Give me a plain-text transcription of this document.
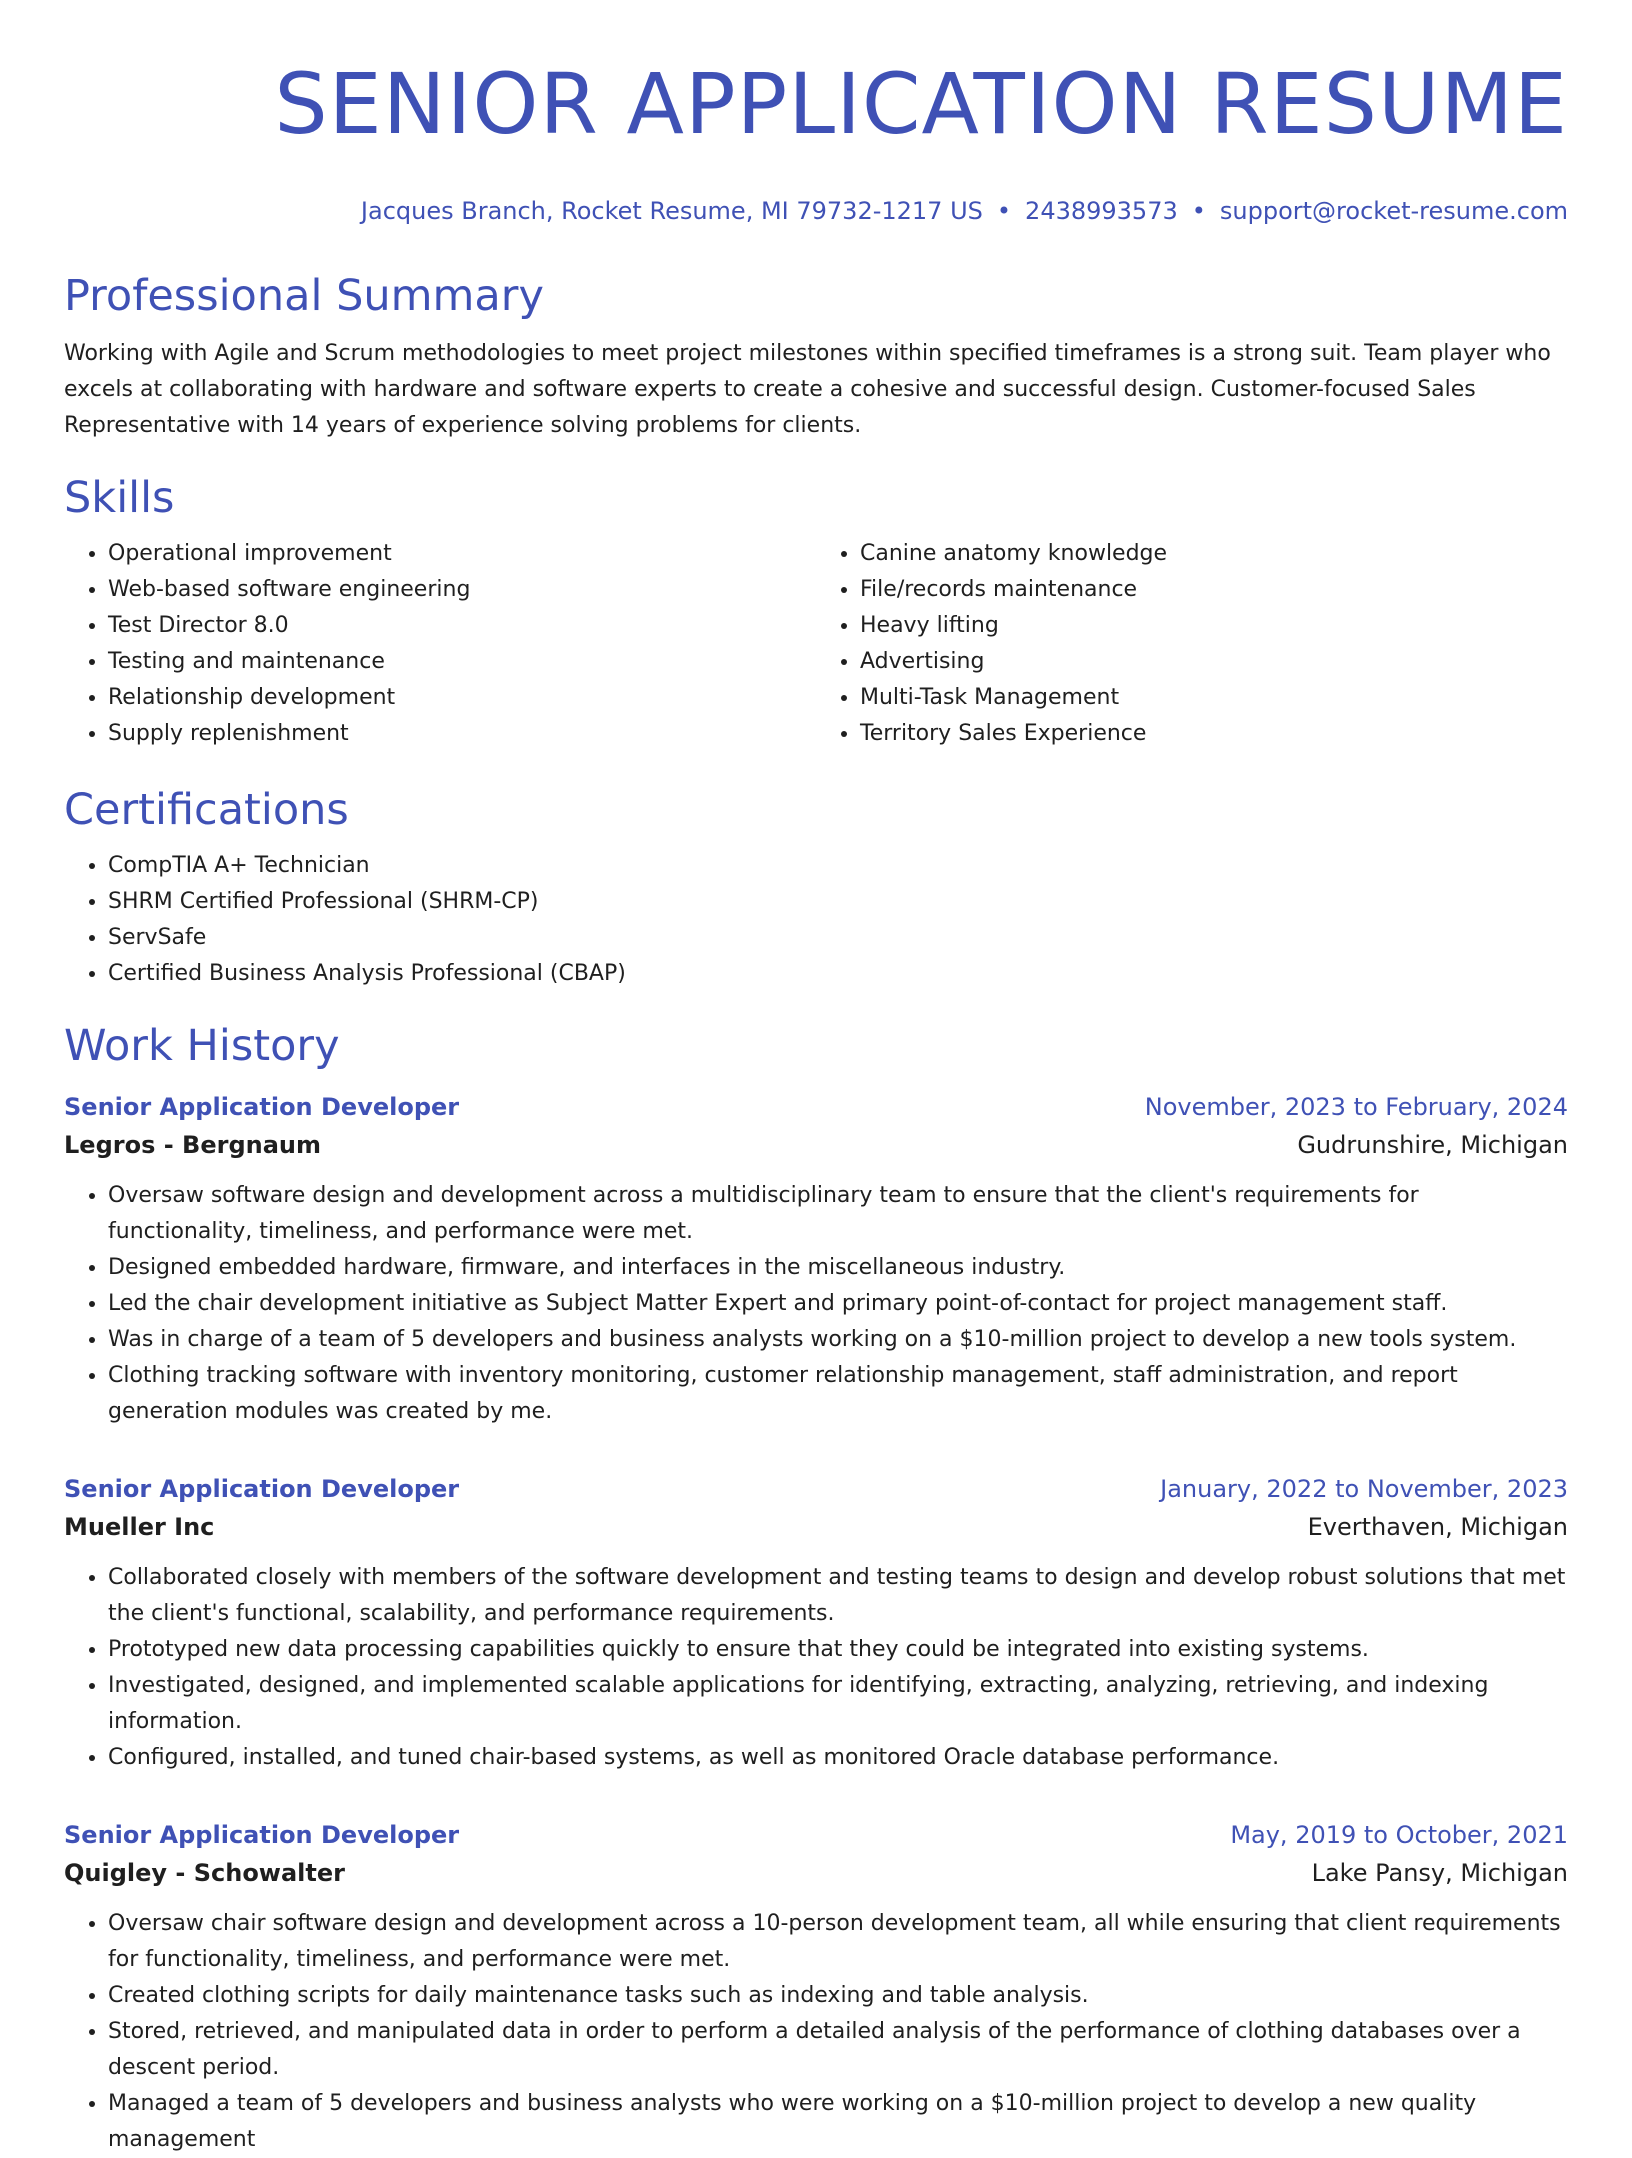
SENIOR APPLICATION RESUME
Jacques Branch, Rocket Resume, MI 79732-1217 US • 2438993573 • support@rocket-resume.com
Professional Summary

Working with Agile and Scrum methodologies to meet project milestones within specified timeframes is a strong suit. Team player who excels at collaborating with hardware and software experts to create a cohesive and successful design. Customer-focused Sales Representative with 14 years of experience solving problems for clients.

Skills
• Operational improvement
• Web-based software engineering
• Test Director 8.0
• Testing and maintenance
• Relationship development
• Supply replenishment
• Canine anatomy knowledge
• File/records maintenance
• Heavy lifting
• Advertising
• Multi-Task Management
• Territory Sales Experience
Certifications
• CompTIA A+ Technician
• SHRM Certified Professional (SHRM-CP)
• ServSafe
• Certified Business Analysis Professional (CBAP)
Work History
Senior Application Developer	November, 2023 to February, 2024
Legros - Bergnaum	Gudrunshire, Michigan
• Oversaw software design and development across a multidisciplinary team to ensure that the client's requirements for functionality, timeliness, and performance were met.
• Designed embedded hardware, firmware, and interfaces in the miscellaneous industry.
• Led the chair development initiative as Subject Matter Expert and primary point-of-contact for project management staff.
• Was in charge of a team of 5 developers and business analysts working on a $10-million project to develop a new tools system.
• Clothing tracking software with inventory monitoring, customer relationship management, staff administration, and report generation modules was created by me.
Senior Application Developer	January, 2022 to November, 2023
Mueller Inc	Everthaven, Michigan
• Collaborated closely with members of the software development and testing teams to design and develop robust solutions that met the client's functional, scalability, and performance requirements.
• Prototyped new data processing capabilities quickly to ensure that they could be integrated into existing systems.
• Investigated, designed, and implemented scalable applications for identifying, extracting, analyzing, retrieving, and indexing information.
• Configured, installed, and tuned chair-based systems, as well as monitored Oracle database performance.
Senior Application Developer	May, 2019 to October, 2021
Quigley - Schowalter	Lake Pansy, Michigan
• Oversaw chair software design and development across a 10-person development team, all while ensuring that client requirements for functionality, timeliness, and performance were met.
• Created clothing scripts for daily maintenance tasks such as indexing and table analysis.
• Stored, retrieved, and manipulated data in order to perform a detailed analysis of the performance of clothing databases over a descent period.
• Managed a team of 5 developers and business analysts who were working on a $10-million project to develop a new quality management
